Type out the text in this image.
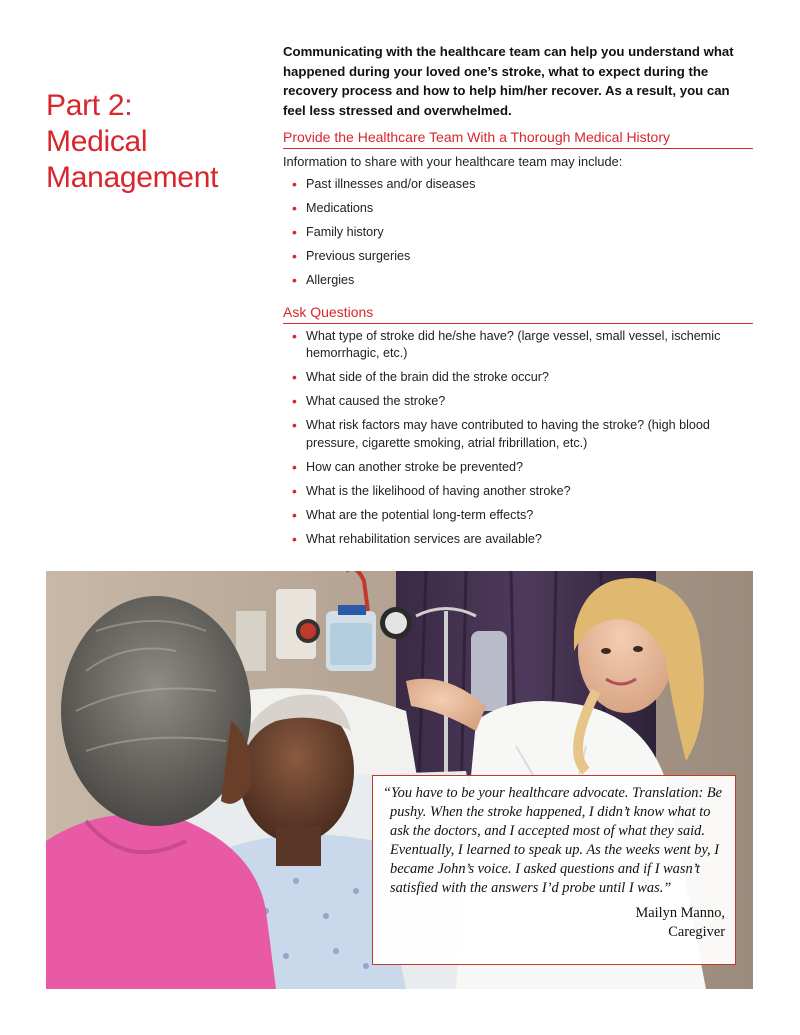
Part 2:
Medical
Management

Communicating with the healthcare team can help you understand what happened during your loved one’s stroke, what to expect during the recovery process and how to help him/her recover. As a result, you can feel less stressed and overwhelmed.

Provide the Healthcare Team With a Thorough Medical History

Information to share with your healthcare team may include:

• Past illnesses and/or diseases
• Medications
• Family history
• Previous surgeries
• Allergies
Ask Questions
• What type of stroke did he/she have? (large vessel, small vessel, ischemic hemorrhagic, etc.)
• What side of the brain did the stroke occur?
• What caused the stroke?
• What risk factors may have contributed to having the stroke? (high blood pressure, cigarette smoking, atrial fribrillation, etc.)
• How can another stroke be prevented?
• What is the likelihood of having another stroke?
• What are the potential long-term effects?
• What rehabilitation services are available?

“You have to be your healthcare advocate. Translation: Be pushy. When the stroke happened, I didn’t know what to ask the doctors, and I accepted most of what they said. Eventually, I learned to speak up. As the weeks went by, I became John’s voice. I asked questions and if I wasn’t satisfied with the answers I’d probe until I was.”

Mailyn Manno,
Caregiver
